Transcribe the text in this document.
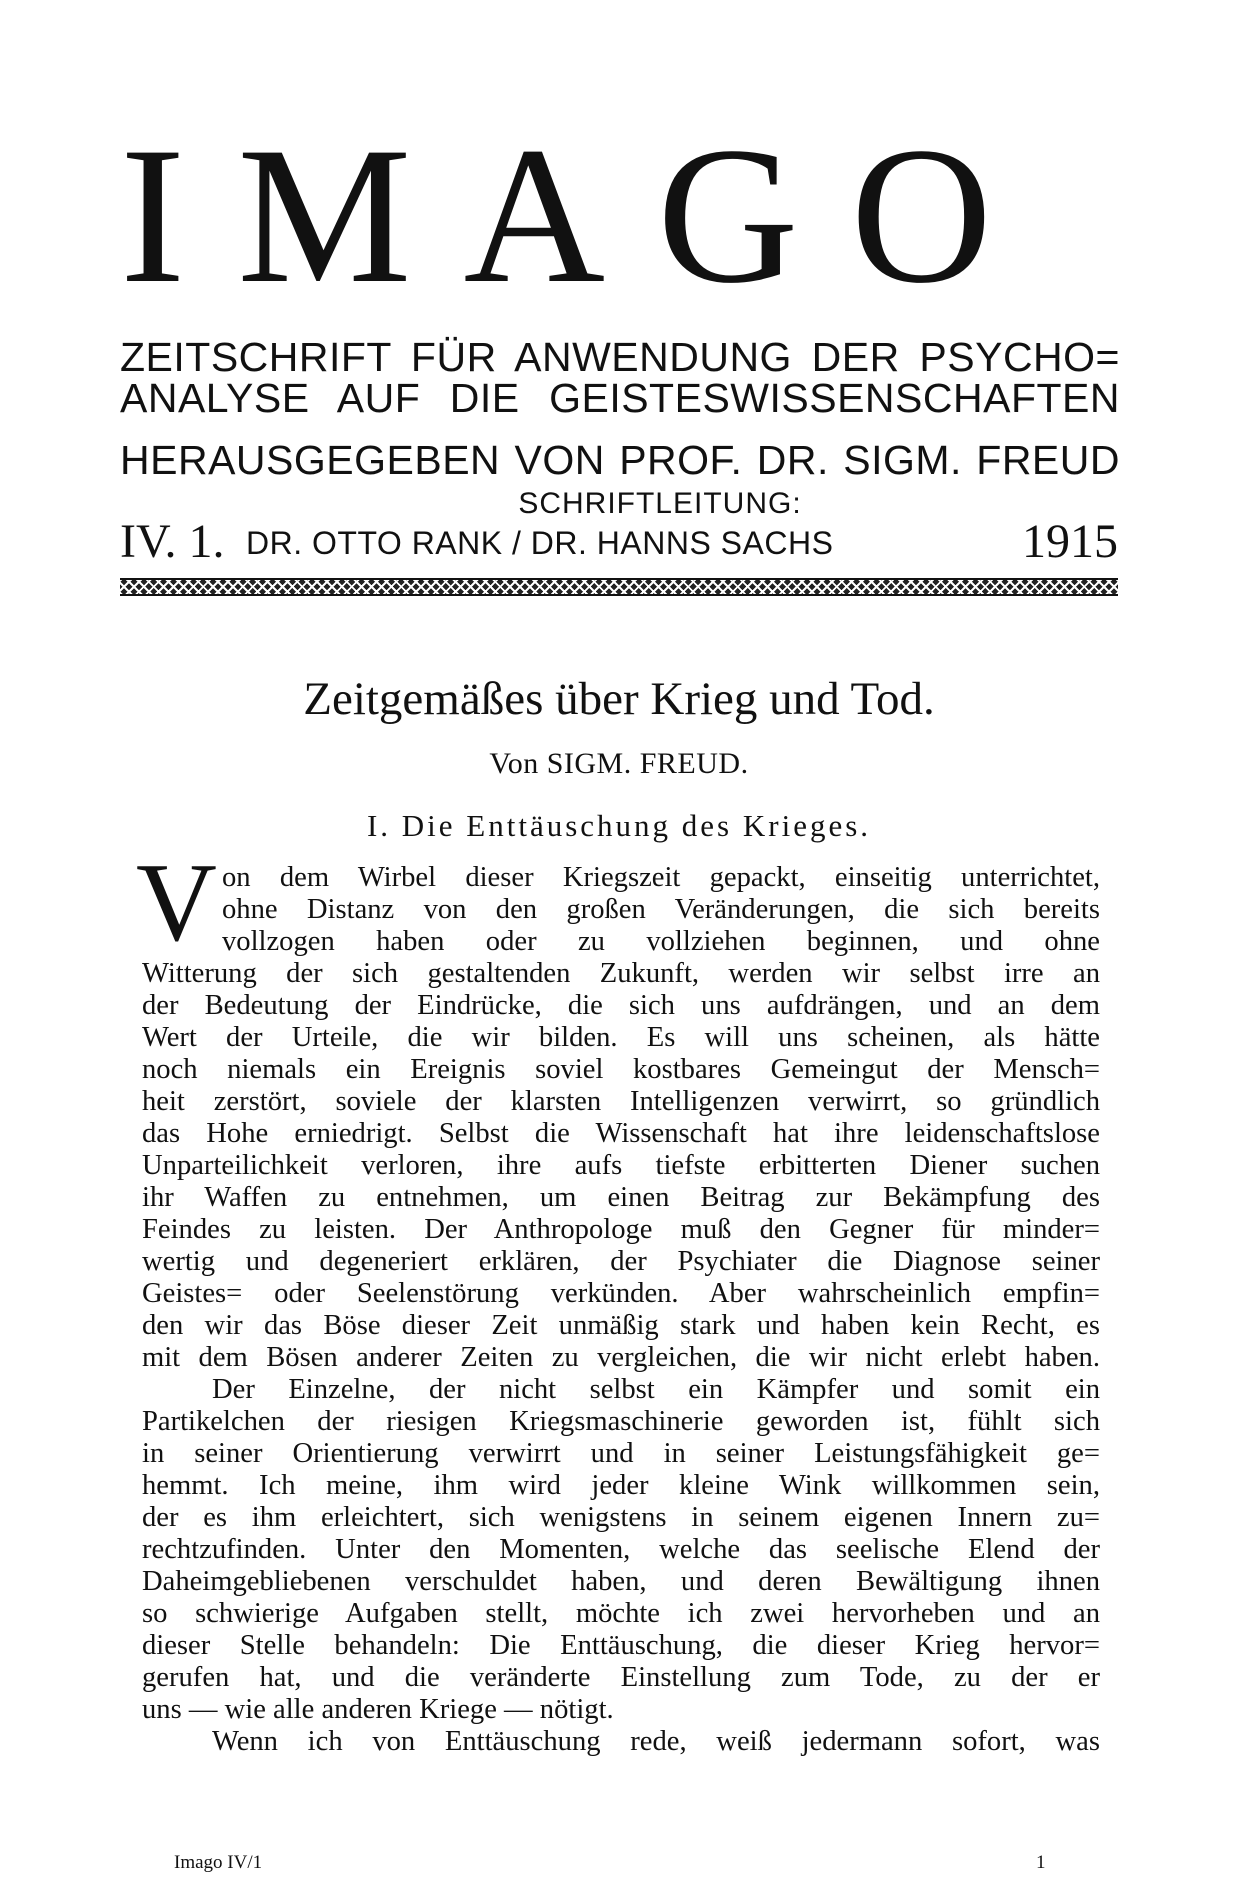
IMAGO
ZEITSCHRIFT FÜR ANWENDUNG DER PSYCHO=
ANALYSE AUF DIE GEISTESWISSENSCHAFTEN
HERAUSGEGEBEN VON PROF. DR. SIGM. FREUD
SCHRIFTLEITUNG:
IV. 1. DR. OTTO RANK / DR. HANNS SACHS	1915
Zeitgemäßes über Krieg und Tod.
Von SIGM. FREUD.
I. Die Enttäuschung des Krieges.
V on dem Wirbel dieser Kriegszeit gepackt, einseitig unterrichtet,
ohne Distanz von den großen Veränderungen, die sich bereits
vollzogen haben oder zu vollziehen beginnen, und ohne
Witterung der sich gestaltenden Zukunft, werden wir selbst irre an
der Bedeutung der Eindrücke, die sich uns aufdrängen, und an dem
Wert der Urteile, die wir bilden. Es will uns scheinen, als hätte
noch niemals ein Ereignis soviel kostbares Gemeingut der Mensch=
heit zerstört, soviele der klarsten Intelligenzen verwirrt, so gründlich
das Hohe erniedrigt. Selbst die Wissenschaft hat ihre leidenschaftslose
Unparteilichkeit verloren, ihre aufs tiefste erbitterten Diener suchen
ihr Waffen zu entnehmen, um einen Beitrag zur Bekämpfung des
Feindes zu leisten. Der Anthropologe muß den Gegner für minder=
wertig und degeneriert erklären, der Psychiater die Diagnose seiner
Geistes= oder Seelenstörung verkünden. Aber wahrscheinlich empfin=
den wir das Böse dieser Zeit unmäßig stark und haben kein Recht, es
mit dem Bösen anderer Zeiten zu vergleichen, die wir nicht erlebt haben.
Der Einzelne, der nicht selbst ein Kämpfer und somit ein
Partikelchen der riesigen Kriegsmaschinerie geworden ist, fühlt sich
in seiner Orientierung verwirrt und in seiner Leistungsfähigkeit ge=
hemmt. Ich meine, ihm wird jeder kleine Wink willkommen sein,
der es ihm erleichtert, sich wenigstens in seinem eigenen Innern zu=
rechtzufinden. Unter den Momenten, welche das seelische Elend der
Daheimgebliebenen verschuldet haben, und deren Bewältigung ihnen
so schwierige Aufgaben stellt, möchte ich zwei hervorheben und an
dieser Stelle behandeln: Die Enttäuschung, die dieser Krieg hervor=
gerufen hat, und die veränderte Einstellung zum Tode, zu der er
uns — wie alle anderen Kriege — nötigt.
Wenn ich von Enttäuschung rede, weiß jedermann sofort, was
Imago IV/1	1
